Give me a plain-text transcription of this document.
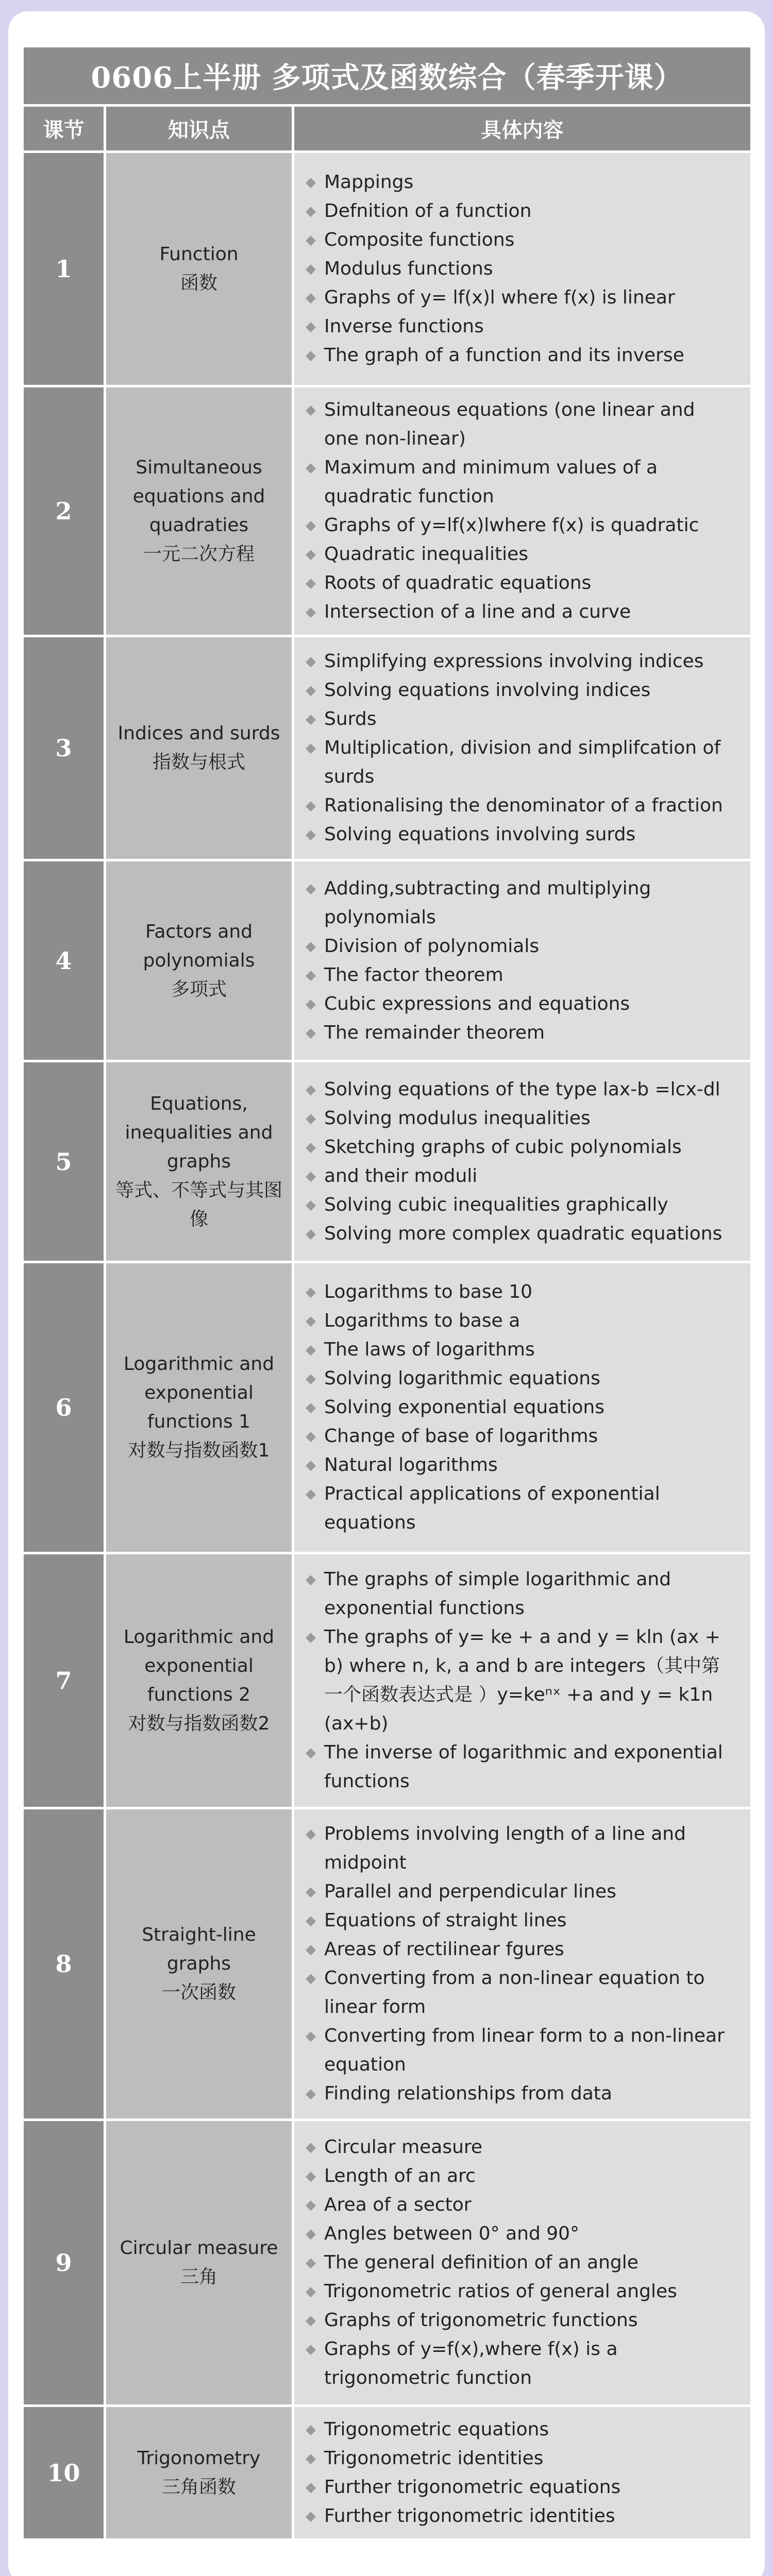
0606上半册 多项式及函数综合（春季开课）
课节	知识点	具体内容
1
Function
函数
◆ Mappings
◆ Defnition of a function
◆ Composite functions
◆ Modulus functions
◆ Graphs of y= lf(x)l where f(x) is linear
◆ Inverse functions
◆ The graph of a function and its inverse
2
Simultaneous equations and quadraties
一元二次方程
◆ Simultaneous equations (one linear and one non-linear)
◆ Maximum and minimum values of a quadratic function
◆ Graphs of y=lf(x)lwhere f(x) is quadratic
◆ Quadratic inequalities
◆ Roots of quadratic equations
◆ Intersection of a line and a curve
3
Indices and surds
指数与根式
◆ Simplifying expressions involving indices
◆ Solving equations involving indices
◆ Surds
◆ Multiplication, division and simplifcation of surds
◆ Rationalising the denominator of a fraction
◆ Solving equations involving surds
4
Factors and polynomials
多项式
◆ Adding,subtracting and multiplying polynomials
◆ Division of polynomials
◆ The factor theorem
◆ Cubic expressions and equations
◆ The remainder theorem
5
Equations, inequalities and graphs
等式、不等式与其图像
◆ Solving equations of the type lax-b =lcx-dl
◆ Solving modulus inequalities
◆ Sketching graphs of cubic polynomials
◆ and their moduli
◆ Solving cubic inequalities graphically
◆ Solving more complex quadratic equations
6
Logarithmic and exponential functions 1
对数与指数函数1
◆ Logarithms to base 10
◆ Logarithms to base a
◆ The laws of logarithms
◆ Solving logarithmic equations
◆ Solving exponential equations
◆ Change of base of logarithms
◆ Natural logarithms
◆ Practical applications of exponential equations
7
Logarithmic and exponential functions 2
对数与指数函数2
◆ The graphs of simple logarithmic and exponential functions
◆ The graphs of y= ke + a and y = kln (ax + b) where n, k, a and b are integers（其中第一个函数表达式是 ）y=keⁿˣ +a and y = k1n (ax+b)
◆ The inverse of logarithmic and exponential functions
8
Straight-line graphs
一次函数
◆ Problems involving length of a line and midpoint
◆ Parallel and perpendicular lines
◆ Equations of straight lines
◆ Areas of rectilinear fgures
◆ Converting from a non-linear equation to linear form
◆ Converting from linear form to a non-linear equation
◆ Finding relationships from data
9
Circular measure
三角
◆ Circular measure
◆ Length of an arc
◆ Area of a sector
◆ Angles between 0° and 90°
◆ The general definition of an angle
◆ Trigonometric ratios of general angles
◆ Graphs of trigonometric functions
◆ Graphs of y=f(x),where f(x) is a trigonometric function
10
Trigonometry
三角函数
◆ Trigonometric equations
◆ Trigonometric identities
◆ Further trigonometric equations
◆ Further trigonometric identities
